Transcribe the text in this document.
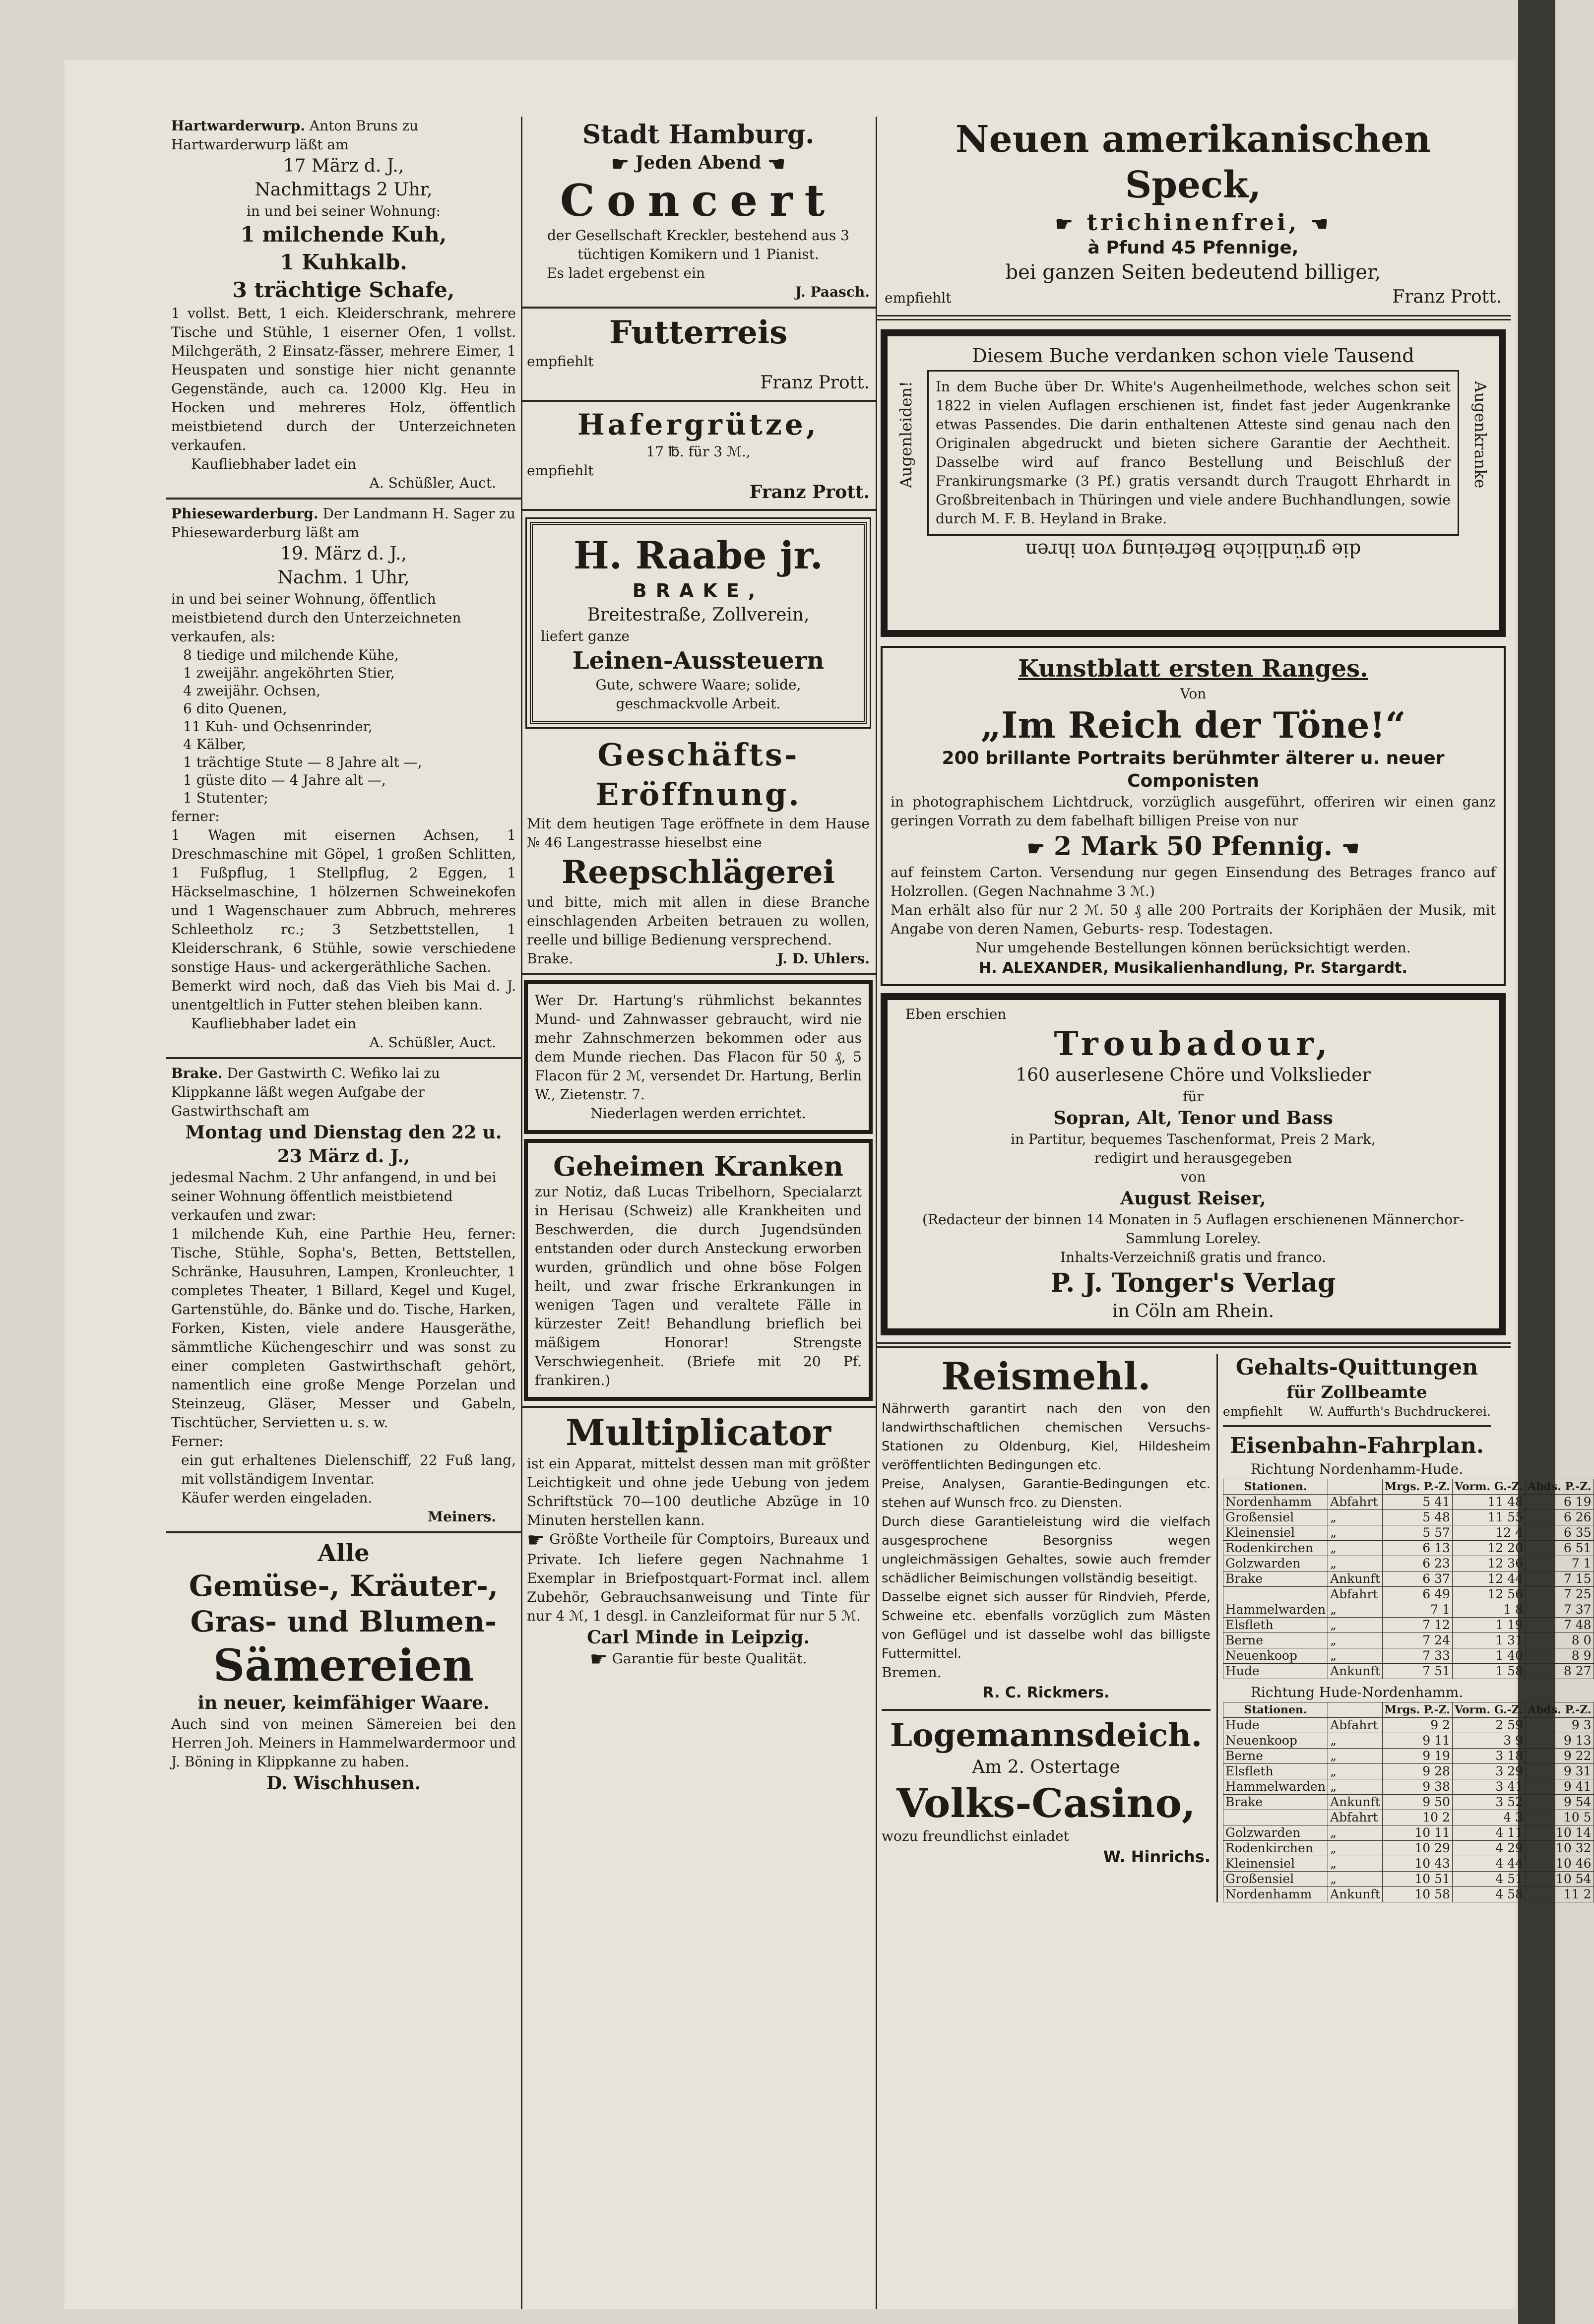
Hartwarderwurp. Anton Bruns zu Hartwarderwurp läßt am
17 März d. J.,
Nachmittags 2 Uhr,
in und bei seiner Wohnung:
1 milchende Kuh,
1 Kuhkalb.
3 trächtige Schafe,
1 vollst. Bett, 1 eich. Kleiderschrank, mehrere Tische und Stühle, 1 eiserner Ofen, 1 vollst. Milchgeräth, 2 Einsatz-fässer, mehrere Eimer, 1 Heuspaten und sonstige hier nicht genannte Gegenstände, auch ca. 12000 Klg. Heu in Hocken und mehreres Holz, öffentlich meistbietend durch der Unterzeichneten verkaufen.
Kaufliebhaber ladet ein
A. Schüßler, Auct.
Phiesewarderburg. Der Landmann H. Sager zu Phiesewarderburg läßt am
19. März d. J.,
Nachm. 1 Uhr,
in und bei seiner Wohnung, öffentlich meistbietend durch den Unterzeichneten verkaufen, als:
8 tiedige und milchende Kühe,
1 zweijähr. angeköhrten Stier,
4 zweijähr. Ochsen,
6 dito Quenen,
11 Kuh- und Ochsenrinder,
4 Kälber,
1 trächtige Stute — 8 Jahre alt —,
1 güste dito — 4 Jahre alt —,
1 Stutenter;
ferner:
1 Wagen mit eisernen Achsen, 1 Dreschmaschine mit Göpel, 1 großen Schlitten, 1 Fußpflug, 1 Stellpflug, 2 Eggen, 1 Häckselmaschine, 1 hölzernen Schweinekofen und 1 Wagenschauer zum Abbruch, mehreres Schleetholz rc.; 3 Setzbettstellen, 1 Kleiderschrank, 6 Stühle, sowie verschiedene sonstige Haus- und ackergeräthliche Sachen.
Bemerkt wird noch, daß das Vieh bis Mai d. J. unentgeltlich in Futter stehen bleiben kann.
Kaufliebhaber ladet ein
A. Schüßler, Auct.
Brake. Der Gastwirth C. Wefiko lai zu Klippkanne läßt wegen Aufgabe der Gastwirthschaft am
Montag und Dienstag den 22 u. 23 März d. J.,
jedesmal Nachm. 2 Uhr anfangend, in und bei seiner Wohnung öffentlich meistbietend verkaufen und zwar:
1 milchende Kuh, eine Parthie Heu, ferner: Tische, Stühle, Sopha's, Betten, Bettstellen, Schränke, Hausuhren, Lampen, Kronleuchter, 1 completes Theater, 1 Billard, Kegel und Kugel, Gartenstühle, do. Bänke und do. Tische, Harken, Forken, Kisten, viele andere Hausgeräthe, sämmtliche Küchengeschirr und was sonst zu einer completen Gastwirthschaft gehört, namentlich eine große Menge Porzelan und Steinzeug, Gläser, Messer und Gabeln, Tischtücher, Servietten u. s. w.
Ferner:
ein gut erhaltenes Dielenschiff, 22 Fuß lang, mit vollständigem Inventar.
Käufer werden eingeladen.
Meiners.
Alle
Gemüse-, Kräuter-, Gras- und Blumen-
Sämereien
in neuer, keimfähiger Waare.
Auch sind von meinen Sämereien bei den Herren Joh. Meiners in Hammelwardermoor und J. Böning in Klippkanne zu haben.
D. Wischhusen.
Stadt Hamburg.
☛ Jeden Abend ☚
Concert
der Gesellschaft Kreckler, bestehend aus 3 tüchtigen Komikern und 1 Pianist.
Es ladet ergebenst ein
J. Paasch.
Futterreis
empfiehlt
Franz Prott.
Hafergrütze,
17 ℔. für 3 ℳ.,
empfiehlt
Franz Prott.
H. Raabe jr.
BRAKE,
Breitestraße, Zollverein,
liefert ganze
Leinen-Aussteuern
Gute, schwere Waare; solide, geschmackvolle Arbeit.
Geschäfts-Eröffnung.
Mit dem heutigen Tage eröffnete in dem Hause № 46 Langestrasse hieselbst eine
Reepschlägerei
und bitte, mich mit allen in diese Branche einschlagenden Arbeiten betrauen zu wollen, reelle und billige Bedienung versprechend.
Brake.	J. D. Uhlers.
Wer Dr. Hartung's rühmlichst bekanntes Mund- und Zahnwasser gebraucht, wird nie mehr Zahnschmerzen bekommen oder aus dem Munde riechen. Das Flacon für 50 ₰, 5 Flacon für 2 ℳ, versendet Dr. Hartung, Berlin W., Zietenstr. 7.
Niederlagen werden errichtet.
Geheimen Kranken
zur Notiz, daß Lucas Tribelhorn, Specialarzt in Herisau (Schweiz) alle Krankheiten und Beschwerden, die durch Jugendsünden entstanden oder durch Ansteckung erworben wurden, gründlich und ohne böse Folgen heilt, und zwar frische Erkrankungen in wenigen Tagen und veraltete Fälle in kürzester Zeit! Behandlung brieflich bei mäßigem Honorar! Strengste Verschwiegenheit. (Briefe mit 20 Pf. frankiren.)
Multiplicator
ist ein Apparat, mittelst dessen man mit größter Leichtigkeit und ohne jede Uebung von jedem Schriftstück 70—100 deutliche Abzüge in 10 Minuten herstellen kann.
☛ Größte Vortheile für Comptoirs, Bureaux und Private. Ich liefere gegen Nachnahme 1 Exemplar in Briefpostquart-Format incl. allem Zubehör, Gebrauchsanweisung und Tinte für nur 4 ℳ, 1 desgl. in Canzleiformat für nur 5 ℳ.
Carl Minde in Leipzig.
☛ Garantie für beste Qualität.
Neuen amerikanischen Speck,
☛ trichinenfrei, ☚
à Pfund 45 Pfennige,
bei ganzen Seiten bedeutend billiger,
empfiehlt	Franz Prott.
Diesem Buche verdanken schon viele Tausend
Augenleiden!	Augenkranke
In dem Buche über Dr. White's Augenheilmethode, welches schon seit 1822 in vielen Auflagen erschienen ist, findet fast jeder Augenkranke etwas Passendes. Die darin enthaltenen Atteste sind genau nach den Originalen abgedruckt und bieten sichere Garantie der Aechtheit. Dasselbe wird auf franco Bestellung und Beischluß der Frankirungsmarke (3 Pf.) gratis versandt durch Traugott Ehrhardt in Großbreitenbach in Thüringen und viele andere Buchhandlungen, sowie durch M. F. B. Heyland in Brake.
die gründliche Befreiung von ihren
Kunstblatt ersten Ranges.
Von
„Im Reich der Töne!“
200 brillante Portraits berühmter älterer u. neuer Componisten
in photographischem Lichtdruck, vorzüglich ausgeführt, offeriren wir einen ganz geringen Vorrath zu dem fabelhaft billigen Preise von nur
☛ 2 Mark 50 Pfennig. ☚
auf feinstem Carton. Versendung nur gegen Einsendung des Betrages franco auf Holzrollen. (Gegen Nachnahme 3 ℳ.)
Man erhält also für nur 2 ℳ. 50 ₰ alle 200 Portraits der Koriphäen der Musik, mit Angabe von deren Namen, Geburts- resp. Todestagen.
Nur umgehende Bestellungen können berücksichtigt werden.
H. ALEXANDER, Musikalienhandlung, Pr. Stargardt.
Eben erschien
Troubadour,
160 auserlesene Chöre und Volkslieder
für
Sopran, Alt, Tenor und Bass
in Partitur, bequemes Taschenformat, Preis 2 Mark,
redigirt und herausgegeben
von
August Reiser,
(Redacteur der binnen 14 Monaten in 5 Auflagen erschienenen Männerchor-Sammlung Loreley.
Inhalts-Verzeichniß gratis und franco.
P. J. Tonger's Verlag
in Cöln am Rhein.
Reismehl.
Nährwerth garantirt nach den von den landwirthschaftlichen chemischen Versuchs-Stationen zu Oldenburg, Kiel, Hildesheim veröffentlichten Bedingungen etc.
Preise, Analysen, Garantie-Bedingungen etc. stehen auf Wunsch frco. zu Diensten.
Durch diese Garantieleistung wird die vielfach ausgesprochene Besorgniss wegen ungleichmässigen Gehaltes, sowie auch fremder schädlicher Beimischungen vollständig beseitigt.
Dasselbe eignet sich ausser für Rindvieh, Pferde, Schweine etc. ebenfalls vorzüglich zum Mästen von Geflügel und ist dasselbe wohl das billigste Futtermittel.
Bremen.
R. C. Rickmers.
Logemannsdeich.
Am 2. Ostertage
Volks-Casino,
wozu freundlichst einladet
W. Hinrichs.
Gehalts-Quittungen
für Zollbeamte
empfiehlt W. Auffurth's Buchdruckerei.
Eisenbahn-Fahrplan.
Richtung Nordenhamm-Hude.
Stationen.		Mrgs. P.-Z.	Vorm. G.-Z.	Abds. P.-Z.
Nordenhamm	Abfahrt	5 41	11 48	6 19
Großensiel	„	5 48	11 55	6 26
Kleinensiel	„	5 57	12 4	6 35
Rodenkirchen	„	6 13	12 20	6 51
Golzwarden	„	6 23	12 36	7 1
Brake	Ankunft	6 37	12 44	7 15
	Abfahrt	6 49	12 56	7 25
Hammelwarden	„	7 1	1 8	7 37
Elsfleth	„	7 12	1 19	7 48
Berne	„	7 24	1 31	8 0
Neuenkoop	„	7 33	1 40	8 9
Hude	Ankunft	7 51	1 58	8 27
Richtung Hude-Nordenhamm.
Stationen.		Mrgs. P.-Z.	Vorm. G.-Z.	Abds. P.-Z.
Hude	Abfahrt	9 2	2 59	9 3
Neuenkoop	„	9 11	3 9	9 13
Berne	„	9 19	3 18	9 22
Elsfleth	„	9 28	3 29	9 31
Hammelwarden	„	9 38	3 41	9 41
Brake	Ankunft	9 50	3 52	9 54
	Abfahrt	10 2	4 3	10 5
Golzwarden	„	10 11	4 11	10 14
Rodenkirchen	„	10 29	4 29	10 32
Kleinensiel	„	10 43	4 44	10 46
Großensiel	„	10 51	4 51	10 54
Nordenhamm	Ankunft	10 58	4 58	11 2
